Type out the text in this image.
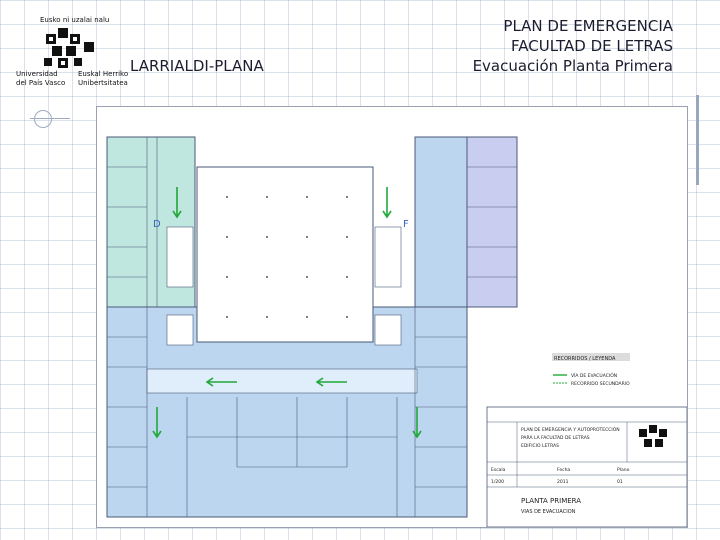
Eusko ni uzalai nalu
Universidad
del País Vasco
Euskal Herriko
Unibertsitatea

LARRIALDI-PLANA

PLAN DE EMERGENCIA
FACULTAD DE LETRAS
Evacuación Planta Primera
D	F
RECORRIDOS / LEYENDA
VÍA DE EVACUACIÓN
RECORRIDO SECUNDARIO
PLAN DE EMERGENCIA Y AUTOPROTECCIÓN
PARA LA FACULTAD DE LETRAS
EDIFICIO LETRAS
Escala	Fecha	Plano
1/200	2011	01
PLANTA PRIMERA
VIAS DE EVACUACION
